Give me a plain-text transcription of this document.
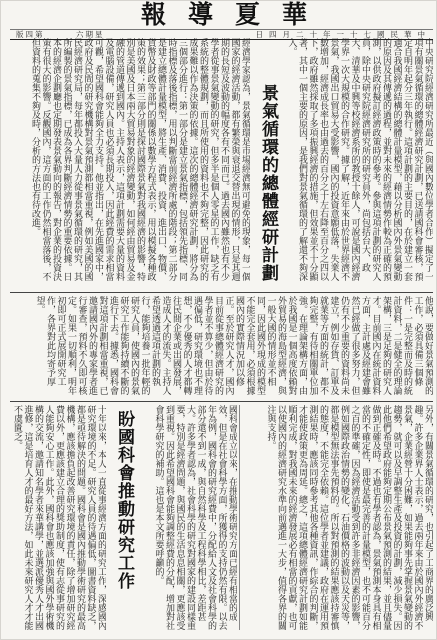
華夏導報
第四版	星期六	中華民國七十一年十二月四日
中央研究院經濟研究所最近（與國內數位學者合作）擬定了一項有關景氣循環的總體經濟研究計劃，已送請國科會審核，預定自明年起分三年執行。這項計劃的主要目的，在於建立一套適合我國經濟結構的總體計量模型，藉以分析國內外景氣變動的原因及其傳遞的過程，並對未來的經濟情勢作較為正確的預測，以供政府擬訂經濟政策時的參考。參與這項計劃的研究人員，除中央研究院經濟研究所的研究員外，尚包括台大、政大、清華及中興等校經濟系所的教授十餘人，可說是國內經濟學界一次大規模的合作研究。據了解，近年來由於世界經濟不景氣，我國出口貿易大受影響，國內的投資意願低落，失業人數增加，經濟成長率也由過去的百分之十左右降至百分之四以下，政府雖然採取了多項振興經濟的措施，但效果並不十分顯著，其中一個主要的原因，是我們對景氣循環的了解還不夠深入。
景氣循環的總體經研計劃
經濟學家認為，景氣循環是市場經濟無可避免的現象，每一個國家的經濟活動，都有繁榮與衰退交替出現的情形，只是其週期的長短及波動的幅度各有不同而已。過去國內雖然也有不少學者從事景氣變動的研究，但多半是個人零星的工作，缺乏有系統的整體規劃，而且所使用的資料也不夠完整，因此研究的成果難以作為決策的依據。這次的總體經濟研究計劃，將分為三個部分進行：第一部分是建立景氣指標，包括領先指標、同時指標及落後指標，用以判斷當前經濟所處的階段；第二部分是建立總體計量模型，將生產、消費、投資、進出口、物價、貨幣及財政等部門的關係以數學方程式表示，用以模擬各種政策的效果；第三部分則是探討國際景氣對我國經濟的影響，特別是美國及日本兩大貿易對象的經濟變動，如何經由貿易及金融的管道傳遞到國內。主持人表示，這項計劃需要大量的資料及電腦設備，研究人員也必須長期投入，因此經費的需求相當可觀，希望國科會能夠全力支持。他並指出，在先進國家中，政府及民間的研究機構對景氣預測都相當重視，例如美國的國民經濟研究局，每年都投入大量人力從事景氣循環的研究，其所編製的景氣指標，已成為各界判斷經濟情勢的重要依據。日本的經濟企劃廳也定期發表景氣動向的報告，對企業的投資決策有很大的影響。反觀國內，這方面的工作仍然相當落後，不但資料的蒐集不夠及時，分析的方法也有待改進。
他說，要做好景氣預測的工作，必須具備三個條件：一是完整而及時的統計資料，二是健全的理論架構，三是足夠的研究人才。目前國內在統計資料方面，主計處及經建會雖然已經做了很多努力，但仍有不少重要的資料尚未建立，例如存貨、訂單及就業等方面的統計，都不夠完整，有待相關單位加強。在理論架構方面，由於我國是一個高度依賴對外貿易的海島型經濟，與一般大國的情形並不相同，因此國外現成的模型不能完全套用，必須根據國內的實際情況加以修正。至於研究人才，國內目前從事總體經濟研究的學者並不算少，但由於待遇偏低，研究環境也不理想，不少優秀的人才都轉往民間企業或出國發展，造成人才的流失。主持人希望透過這項計劃的執行，能夠培養一批年輕的研究人員，使國內的景氣研究工作能夠持續不斷的進行下去。據悉，國科會對這項計劃相當重視，已邀請國內外的專家學者進行審查，預料不久即可核定。如果一切順利，明年初即可正式展開研究工作，各界對此均寄予厚望。
另外，有關景氣循環的研究，也引起了工商界的廣泛興趣。許多企業界人士表示，過去兩年來由於國內外經濟不景氣，企業經營十分困難，如果能夠事先掌握景氣變動的趨勢，就可以及早調整生產及投資的計劃，減少損失。因此他們希望政府能夠定期公布景氣預測的結果，並且儘量做到正確及時。不過也有學者認為，景氣預測本身具有相當的不確定性，即使是最完善的計量模型，也不可能百分之百的準確，因為經濟活動受到許多非經濟因素的影響，例如國際政治情勢的變化、石油價格的波動以及天災等，都是模型無法事先預料的。所以對預測的結果應該持審慎的態度，不能完全依賴。這位學者並建議，政府在運用預測結果時，應該同時參考其他各種資訊，作綜合的判斷，才能使政策更為周延。總之，這項總體經濟研究計劃如能順利完成，對我國未來的經濟發展必有相當的貢獻，也可以使國內的經濟研究水準向前邁進一大步，值得各界的關注與支持。
國科會成立以來，在推動學術研究方面已經有相當的成效，但是在社會科學方面，所獲得的支持仍然有限。以去年為例，國科會的研究經費中，分配給人文及社會科學的部分還不到一成，與自然科學及工程科學相比，差距甚大。許多學者認為，社會科學的研究對國家的建設同樣重要，特別是經濟問題，與國民的生活息息相關，更應該受到重視。因此希望國科會能夠調整經費的分配，增加對社會科學研究的補助。這也是本文所要呼籲的。
盼國科會推動研究工作
十年以來，本人一直從事經濟方面的研究工作，深感國內研究環境的不足。研究人員的待遇偏低，圖書資料缺乏，都是亟待解決的問題。國科會是國內推動學術研究的最高機構，應該擔負起改善研究環境的責任，除了增加研究經費以外，更應該建立合理的獎助制度，使有志從事研究的人能夠安心工作。此外，國科會也應該加強與國外學術機構的交流，邀請知名學者來華講學，並選派優秀人才出國進修，這是培育人才的最好方法，如此未來研究人才才能不虞匱乏。
